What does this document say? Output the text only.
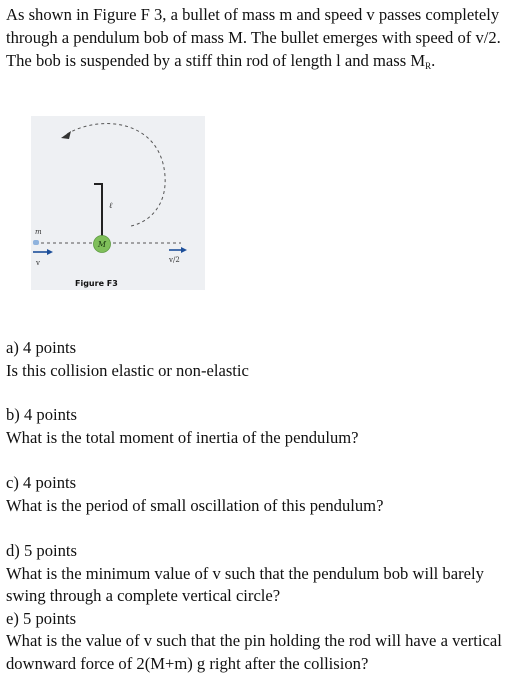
As shown in Figure F 3, a bullet of mass m and speed v passes completely through a pendulum bob of mass M. The bullet emerges with speed of v/2. The bob is suspended by a stiff thin rod of length l and mass $M_R$.

ℓ
m
M
v	v/2
Figure F3
a) 4 points
Is this collision elastic or non-elastic
b) 4 points
What is the total moment of inertia of the pendulum?
c) 4 points
What is the period of small oscillation of this pendulum?
d) 5 points
What is the minimum value of v such that the pendulum bob will barely swing through a complete vertical circle?
e) 5 points
What is the value of v such that the pin holding the rod will have a vertical downward force of 2(M+m) g right after the collision?
